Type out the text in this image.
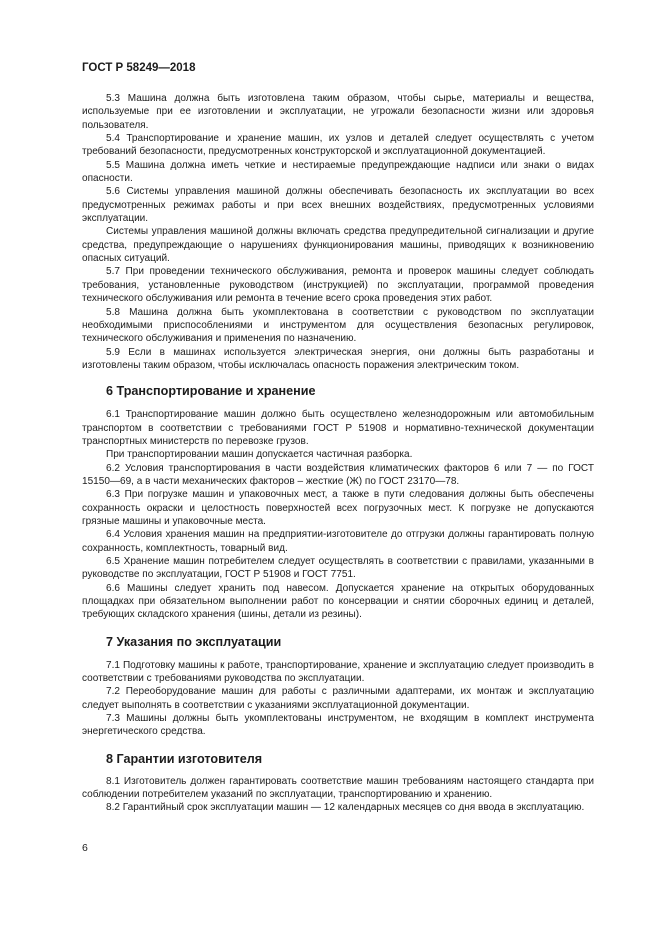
ГОСТ Р 58249—2018

5.3 Машина должна быть изготовлена таким образом, чтобы сырье, материалы и вещества, используемые при ее изготовлении и эксплуатации, не угрожали безопасности жизни или здоровья пользователя.

5.4 Транспортирование и хранение машин, их узлов и деталей следует осуществлять с учетом требований безопасности, предусмотренных конструкторской и эксплуатационной документацией.

5.5 Машина должна иметь четкие и нестираемые предупреждающие надписи или знаки о видах опасности.

5.6 Системы управления машиной должны обеспечивать безопасность их эксплуатации во всех предусмотренных режимах работы и при всех внешних воздействиях, предусмотренных условиями эксплуатации.

Системы управления машиной должны включать средства предупредительной сигнализации и другие средства, предупреждающие о нарушениях функционирования машины, приводящих к возникновению опасных ситуаций.

5.7 При проведении технического обслуживания, ремонта и проверок машины следует соблюдать требования, установленные руководством (инструкцией) по эксплуатации, программой проведения технического обслуживания или ремонта в течение всего срока проведения этих работ.

5.8 Машина должна быть укомплектована в соответствии с руководством по эксплуатации необходимыми приспособлениями и инструментом для осуществления безопасных регулировок, технического обслуживания и применения по назначению.

5.9 Если в машинах используется электрическая энергия, они должны быть разработаны и изготовлены таким образом, чтобы исключалась опасность поражения электрическим током.

6 Транспортирование и хранение

6.1 Транспортирование машин должно быть осуществлено железнодорожным или автомобильным транспортом в соответствии с требованиями ГОСТ Р 51908 и нормативно-технической документации транспортных министерств по перевозке грузов.

При транспортировании машин допускается частичная разборка.

6.2 Условия транспортирования в части воздействия климатических факторов 6 или 7 — по ГОСТ 15150—69, а в части механических факторов – жесткие (Ж) по ГОСТ 23170—78.

6.3 При погрузке машин и упаковочных мест, а также в пути следования должны быть обеспечены сохранность окраски и целостность поверхностей всех погрузочных мест. К погрузке не допускаются грязные машины и упаковочные места.

6.4 Условия хранения машин на предприятии-изготовителе до отгрузки должны гарантировать полную сохранность, комплектность, товарный вид.

6.5 Хранение машин потребителем следует осуществлять в соответствии с правилами, указанными в руководстве по эксплуатации, ГОСТ Р 51908 и ГОСТ 7751.

6.6 Машины следует хранить под навесом. Допускается хранение на открытых оборудованных площадках при обязательном выполнении работ по консервации и снятии сборочных единиц и деталей, требующих складского хранения (шины, детали из резины).

7 Указания по эксплуатации

7.1 Подготовку машины к работе, транспортирование, хранение и эксплуатацию следует производить в соответствии с требованиями руководства по эксплуатации.

7.2 Переоборудование машин для работы с различными адаптерами, их монтаж и эксплуатацию следует выполнять в соответствии с указаниями эксплуатационной документации.

7.3 Машины должны быть укомплектованы инструментом, не входящим в комплект инструмента энергетического средства.

8 Гарантии изготовителя

8.1 Изготовитель должен гарантировать соответствие машин требованиям настоящего стандарта при соблюдении потребителем указаний по эксплуатации, транспортированию и хранению.

8.2 Гарантийный срок эксплуатации машин — 12 календарных месяцев со дня ввода в эксплуатацию.

6
